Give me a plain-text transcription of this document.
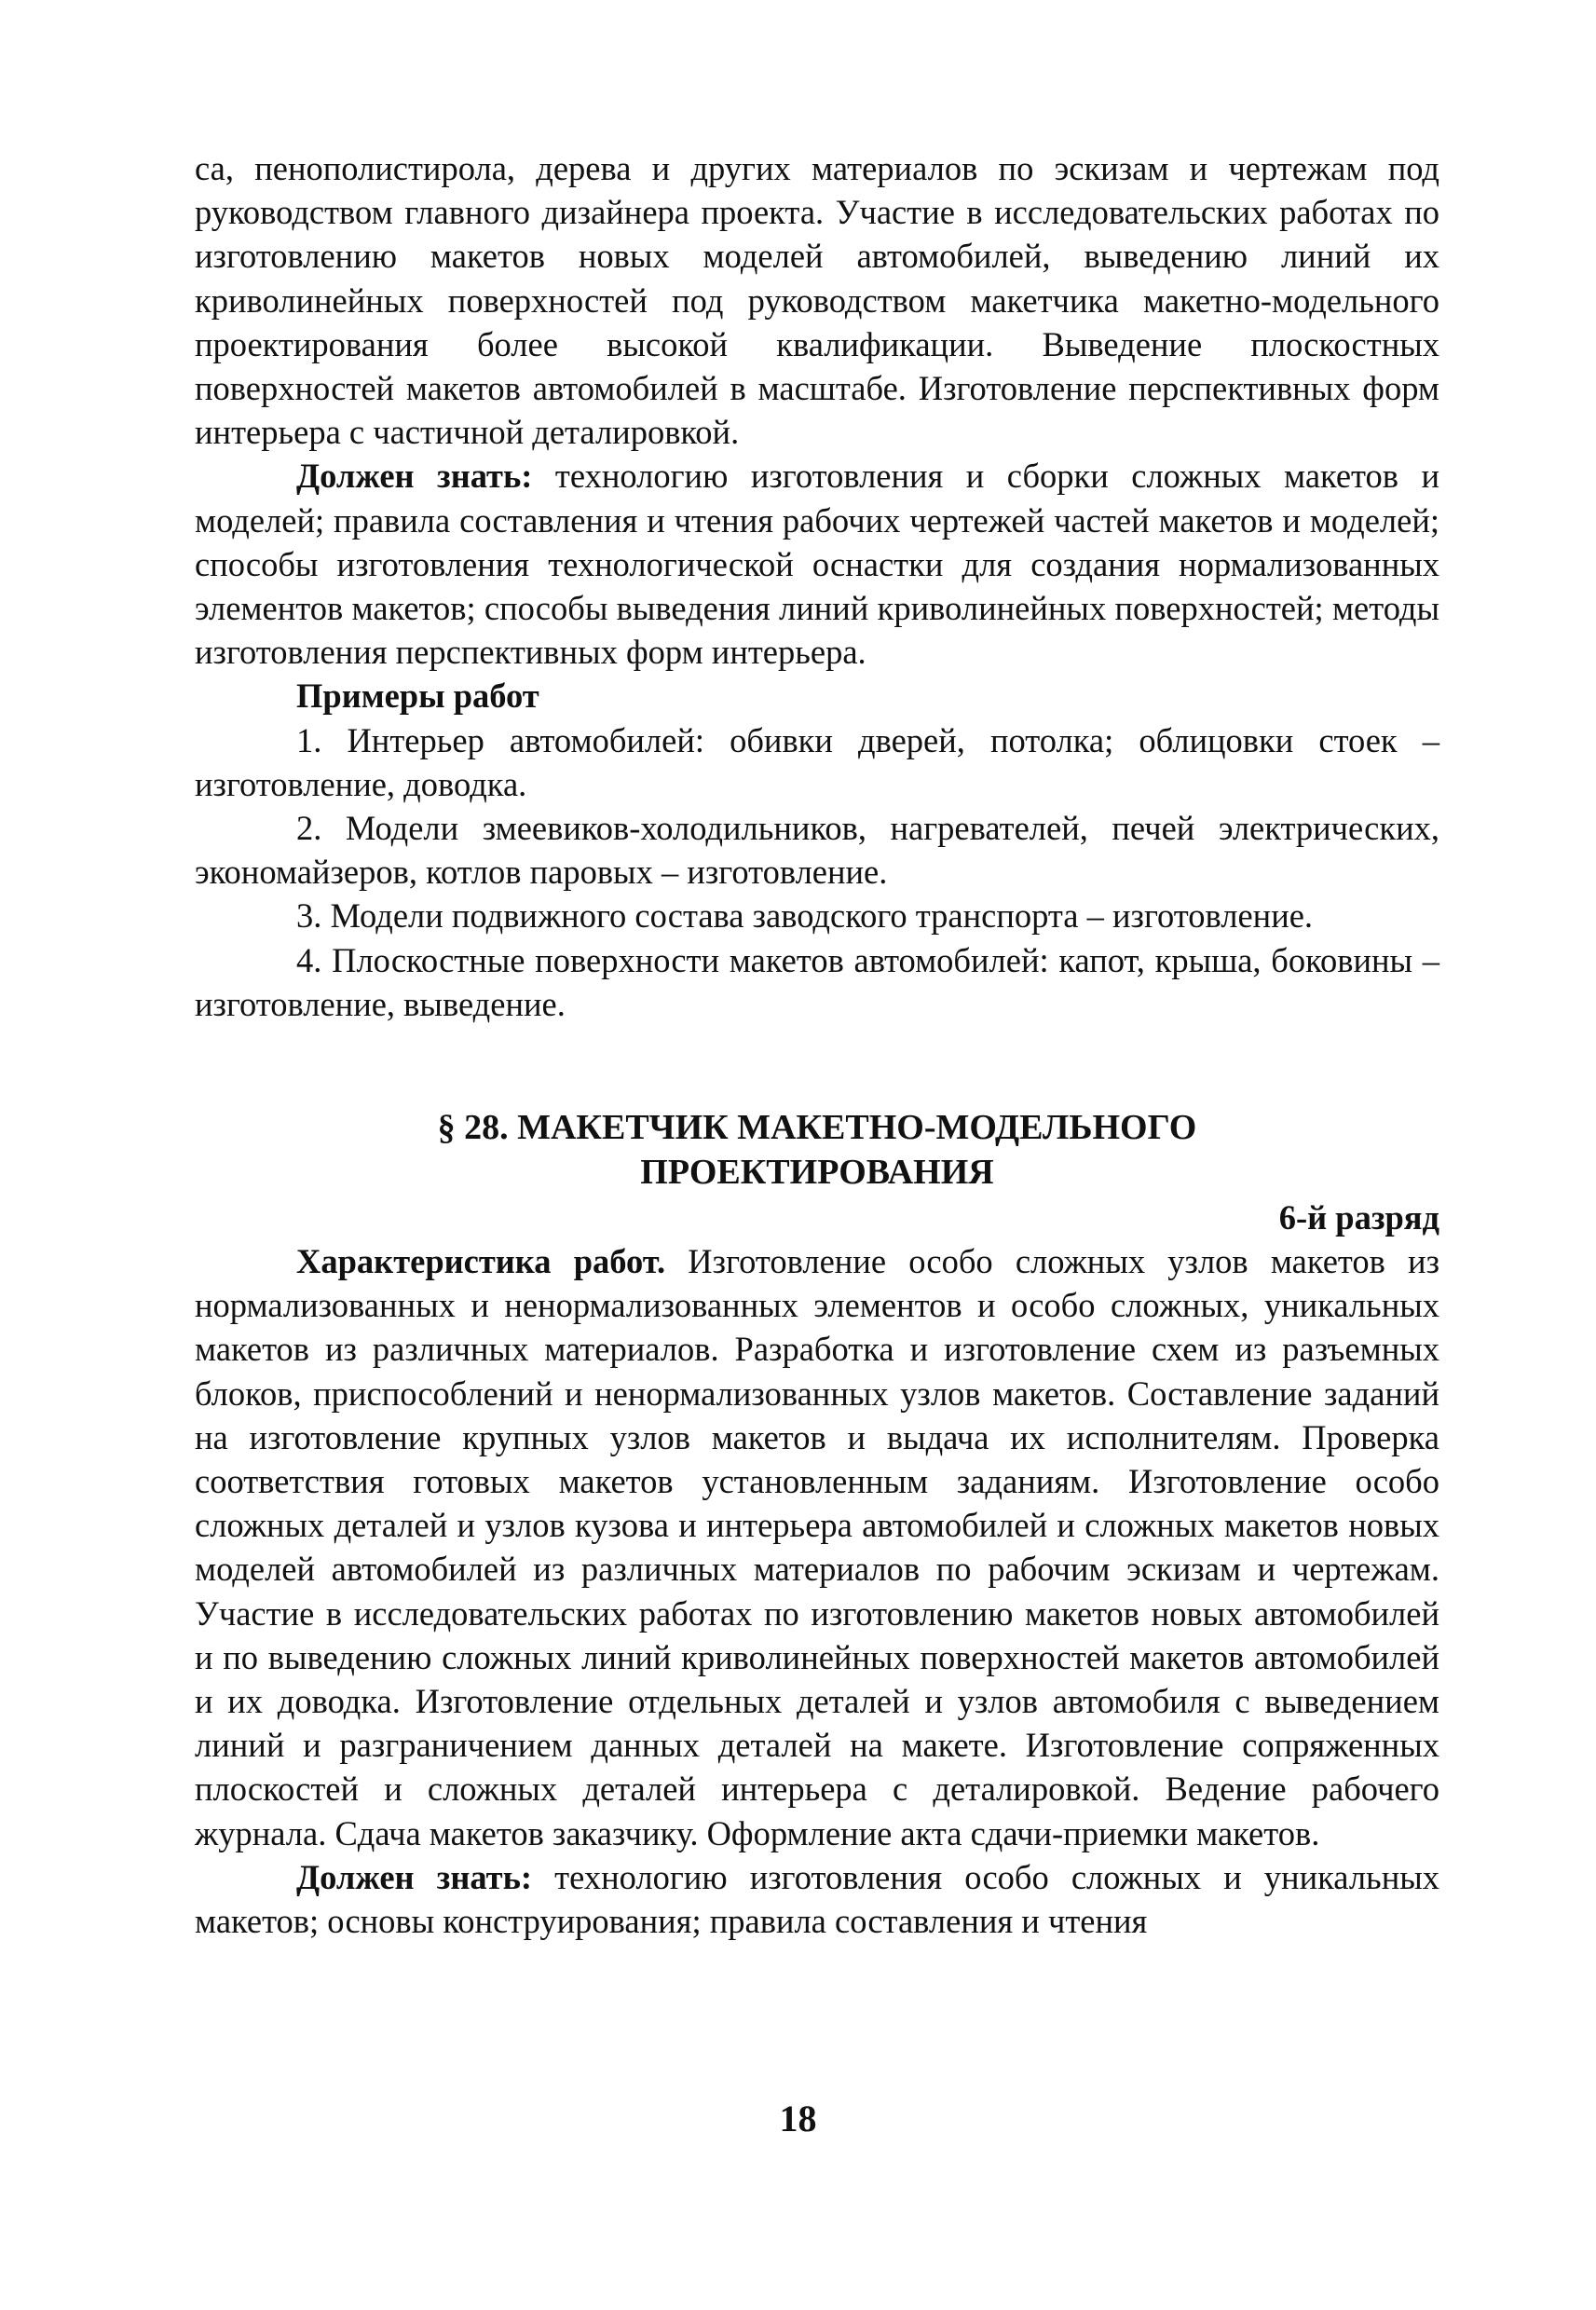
са, пенополистирола, дерева и других материалов по эскизам и чертежам под руководством главного дизайнера проекта. Участие в исследовательских работах по изготовлению макетов новых моделей автомобилей, выведению линий их криволинейных поверхностей под руководством макетчика макетно-модельного проектирования более высокой квалификации. Выведение плоскостных поверхностей макетов автомобилей в масштабе. Изготовление перспективных форм интерьера с частичной деталировкой.

Должен знать: технологию изготовления и сборки сложных макетов и моделей; правила составления и чтения рабочих чертежей частей макетов и моделей; способы изготовления технологической оснастки для создания нормализованных элементов макетов; способы выведения линий криволинейных поверхностей; методы изготовления перспективных форм интерьера.

Примеры работ

1. Интерьер автомобилей: обивки дверей, потолка; облицовки стоек – изготовление, доводка.

2. Модели змеевиков-холодильников, нагревателей, печей электрических, экономайзеров, котлов паровых – изготовление.

3. Модели подвижного состава заводского транспорта – изготовление.

4. Плоскостные поверхности макетов автомобилей: капот, крыша, боковины – изготовление, выведение.

§ 28. МАКЕТЧИК МАКЕТНО-МОДЕЛЬНОГО
ПРОЕКТИРОВАНИЯ
6-й разряд

Характеристика работ. Изготовление особо сложных узлов макетов из нормализованных и ненормализованных элементов и особо сложных, уникальных макетов из различных материалов. Разработка и изготовление схем из разъемных блоков, приспособлений и ненормализованных узлов макетов. Составление заданий на изготовление крупных узлов макетов и выдача их исполнителям. Проверка соответствия готовых макетов установленным заданиям. Изготовление особо сложных деталей и узлов кузова и интерьера автомобилей и сложных макетов новых моделей автомобилей из различных материалов по рабочим эскизам и чертежам. Участие в исследовательских работах по изготовлению макетов новых автомобилей и по выведению сложных линий криволинейных поверхностей макетов автомобилей и их доводка. Изготовление отдельных деталей и узлов автомобиля с выведением линий и разграничением данных деталей на макете. Изготовление сопряженных плоскостей и сложных деталей интерьера с деталировкой. Ведение рабочего журнала. Сдача макетов заказчику. Оформление акта сдачи-приемки макетов.

Должен знать: технологию изготовления особо сложных и уникальных макетов; основы конструирования; правила составления и чтения

18
